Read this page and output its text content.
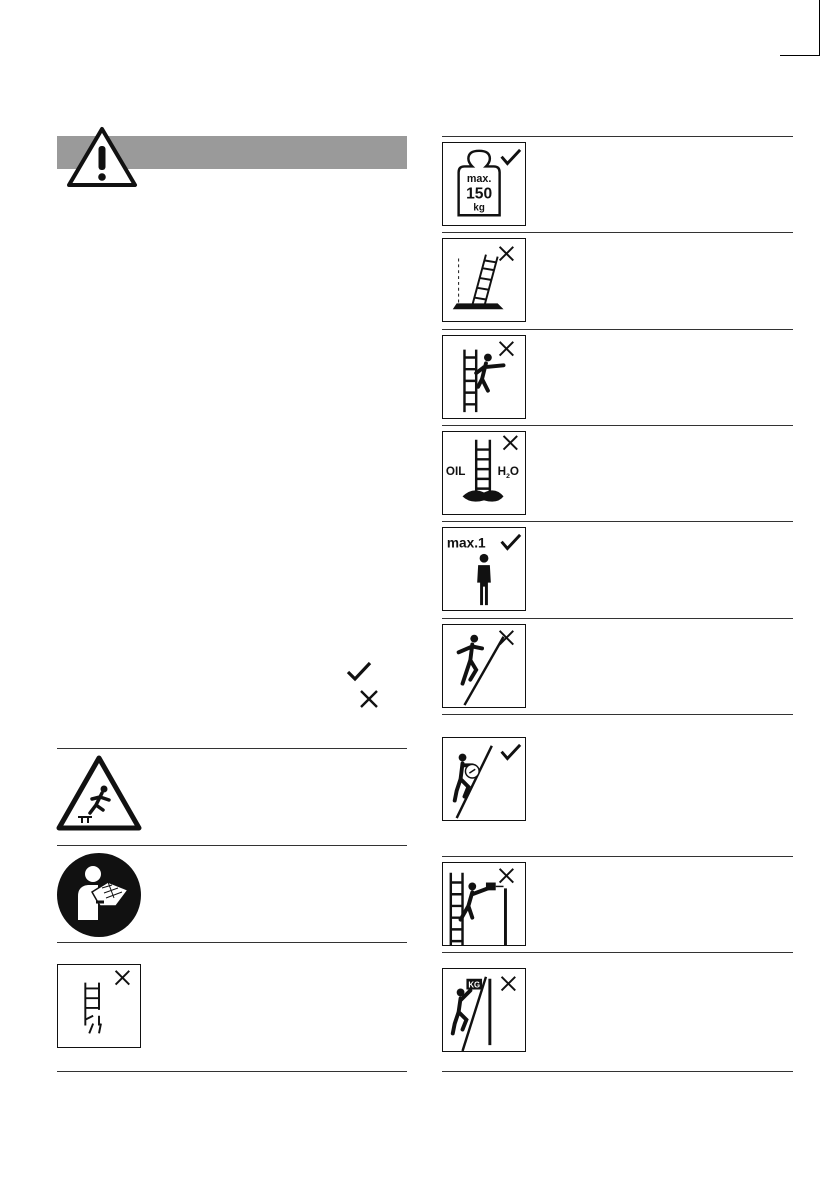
max.
150
kg
OIL	$H_2O$
max.1
KG
